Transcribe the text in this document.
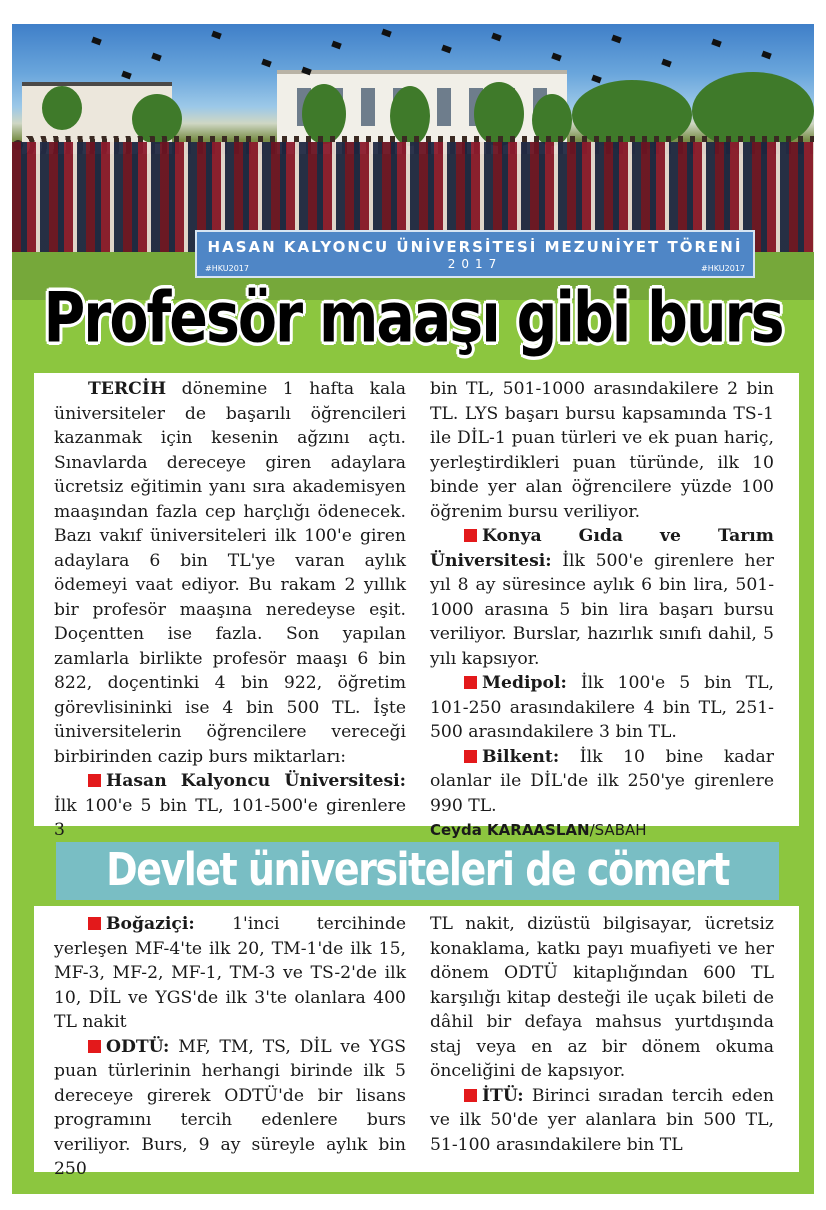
HASAN KALYONCU ÜNİVERSİTESİ MEZUNİYET TÖRENİ
2017
#HKU2017	#HKU2017
Profesör maaşı gibi burs

TERCİH dönemine 1 hafta kala üniversiteler de başarılı öğrencileri kazanmak için kesenin ağzını açtı. Sınavlarda dereceye giren adaylara ücretsiz eğitimin yanı sıra akademisyen maaşından fazla cep harçlığı ödenecek. Bazı vakıf üniversiteleri ilk 100'e giren adaylara 6 bin TL'ye varan aylık ödemeyi vaat ediyor. Bu rakam 2 yıllık bir profesör maaşına neredeyse eşit. Doçentten ise fazla. Son yapılan zamlarla birlikte profesör maaşı 6 bin 822, doçentinki 4 bin 922, öğretim görevlisininki ise 4 bin 500 TL. İşte üniversitelerin öğrencilere vereceği birbirinden cazip burs miktarları:

Hasan Kalyoncu Üniversitesi: İlk 100'e 5 bin TL, 101-500'e girenlere 3

bin TL, 501-1000 arasındakilere 2 bin TL. LYS başarı bursu kapsamında TS-1 ile DİL-1 puan türleri ve ek puan hariç, yerleştirdikleri puan türünde, ilk 10 binde yer alan öğrencilere yüzde 100 öğrenim bursu veriliyor.

Konya Gıda ve Tarım Üniversitesi: İlk 500'e girenlere her yıl 8 ay süresince aylık 6 bin lira, 501-1000 arasına 5 bin lira başarı bursu veriliyor. Burslar, hazırlık sınıfı dahil, 5 yılı kapsıyor.

Medipol: İlk 100'e 5 bin TL, 101-250 arasındakilere 4 bin TL, 251-500 arasındakilere 3 bin TL.

Bilkent: İlk 10 bine kadar olanlar ile DİL'de ilk 250'ye girenlere 990 TL.

Ceyda KARAASLAN/SABAH

Devlet üniversiteleri de cömert

Boğaziçi: 1'inci tercihinde yerleşen MF-4'te ilk 20, TM-1'de ilk 15, MF-3, MF-2, MF-1, TM-3 ve TS-2'de ilk 10, DİL ve YGS'de ilk 3'te olanlara 400 TL nakit

ODTÜ: MF, TM, TS, DİL ve YGS puan türlerinin herhangi birinde ilk 5 dereceye girerek ODTÜ'de bir lisans programını tercih edenlere burs veriliyor. Burs, 9 ay süreyle aylık bin 250

TL nakit, dizüstü bilgisayar, ücretsiz konaklama, katkı payı muafiyeti ve her dönem ODTÜ kitaplığından 600 TL karşılığı kitap desteği ile uçak bileti de dâhil bir defaya mahsus yurtdışında staj veya en az bir dönem okuma önceliğini de kapsıyor.

İTÜ: Birinci sıradan tercih eden ve ilk 50'de yer alanlara bin 500 TL, 51-100 arasındakilere bin TL
